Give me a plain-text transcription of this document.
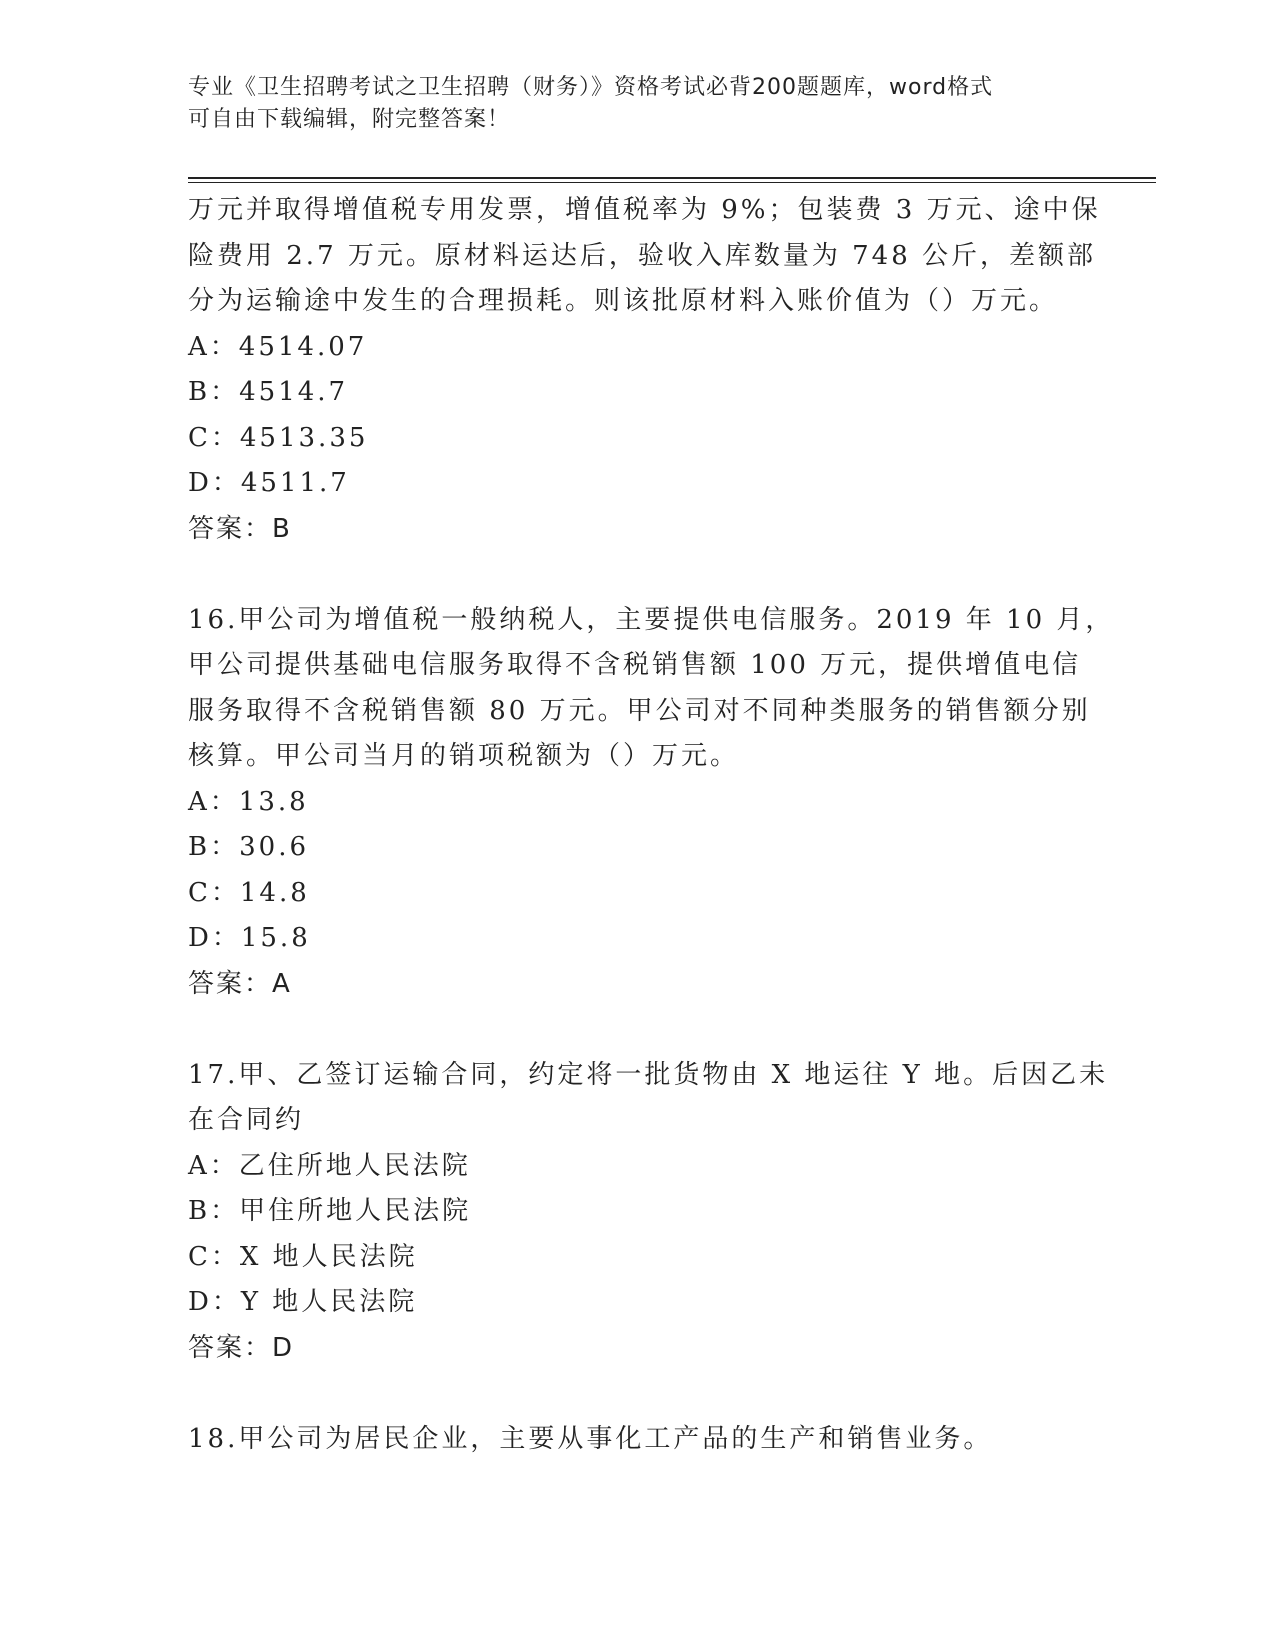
专业《卫生招聘考试之卫生招聘（财务）》资格考试必背200题题库，word格式
可自由下载编辑，附完整答案！
万元并取得增值税专用发票，增值税率为 9%；包装费 3 万元、途中保
险费用 2.7 万元。原材料运达后，验收入库数量为 748 公斤，差额部
分为运输途中发生的合理损耗。则该批原材料入账价值为（）万元。
A：4514.07
B：4514.7
C：4513.35
D：4511.7
答案：B
16.甲公司为增值税一般纳税人，主要提供电信服务。2019 年 10 月，
甲公司提供基础电信服务取得不含税销售额 100 万元，提供增值电信
服务取得不含税销售额 80 万元。甲公司对不同种类服务的销售额分别
核算。甲公司当月的销项税额为（）万元。
A：13.8
B：30.6
C：14.8
D：15.8
答案：A
17.甲、乙签订运输合同，约定将一批货物由 X 地运往 Y 地。后因乙未
在合同约
A：乙住所地人民法院
B：甲住所地人民法院
C：X 地人民法院
D：Y 地人民法院
答案：D
18.甲公司为居民企业，主要从事化工产品的生产和销售业务。
